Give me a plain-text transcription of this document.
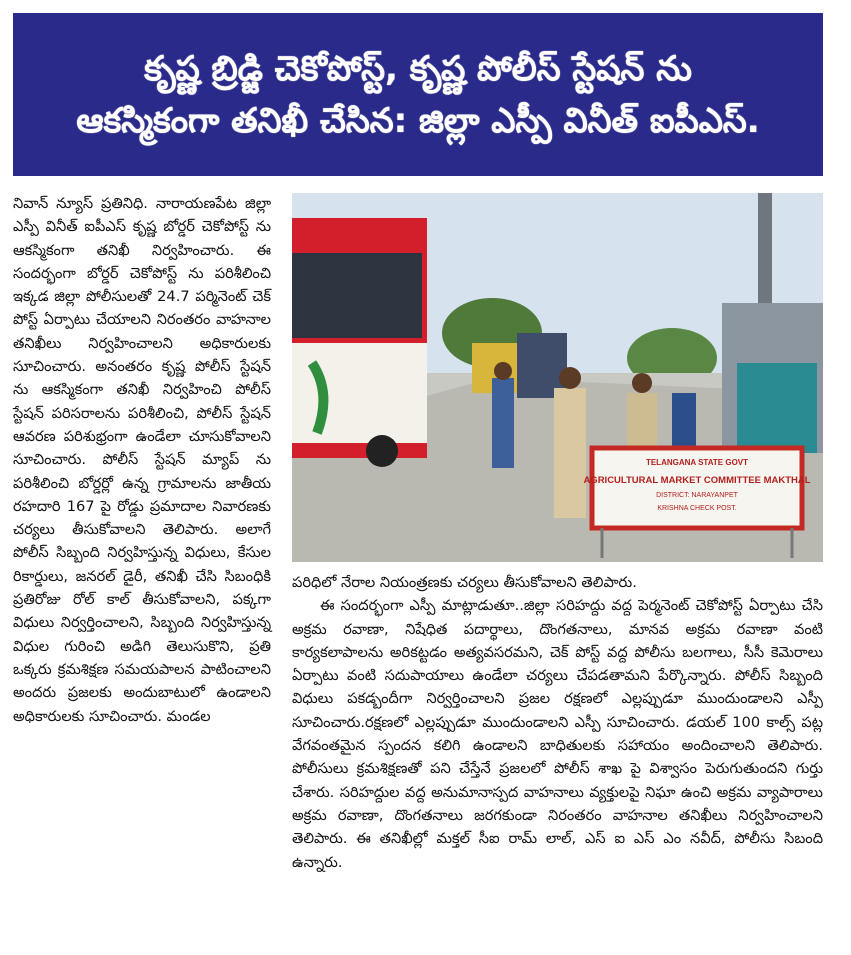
కృష్ణ బ్రిడ్జి చెకోపోస్ట్, కృష్ణ పోలీస్ స్టేషన్ ను
ఆకస్మికంగా తనిఖీ చేసిన: జిల్లా ఎస్పీ వినీత్ ఐపీఎస్.

నివాన్ న్యూస్ ప్రతినిధి. నారాయణపేట జిల్లా ఎస్పీ వినీత్ ఐపీఎస్ కృష్ణ బోర్డర్ చెకోపోస్ట్ ను ఆకస్మికంగా తనిఖీ నిర్వహించారు. ఈ సందర్భంగా బోర్డర్ చెకోపోస్ట్ ను పరిశీలించి ఇక్కడ జిల్లా పోలీసులతో 24.7 పర్మినెంట్ చెక్ పోస్ట్ ఏర్పాటు చేయాలని నిరంతరం వాహనాల తనిఖీలు నిర్వహించాలని అధికారులకు సూచించారు. అనంతరం కృష్ణ పోలీస్ స్టేషన్ ను ఆకస్మికంగా తనిఖీ నిర్వహించి పోలీస్ స్టేషన్ పరిసరాలను పరిశీలించి, పోలీస్ స్టేషన్ ఆవరణ పరిశుభ్రంగా ఉండేలా చూసుకోవాలని సూచించారు. పోలీస్ స్టేషన్ మ్యాప్ ను పరిశీలించి బోర్డర్లో ఉన్న గ్రామాలను జాతీయ రహదారి 167 పై రోడ్డు ప్రమాదాల నివారణకు చర్యలు తీసుకోవాలని తెలిపారు. అలాగే పోలీస్ సిబ్బంది నిర్వహిస్తున్న విధులు, కేసుల రికార్డులు, జనరల్ డైరీ, తనిఖీ చేసి సిబంధికి ప్రతిరోజు రోల్ కాల్ తీసుకోవాలని, పక్కగా విధులు నిర్వర్తించాలని, సిబ్బంది నిర్వహిస్తున్న విధుల గురించి అడిగి తెలుసుకొని, ప్రతి ఒక్కరు క్రమశిక్షణ సమయపాలన పాటించాలని అందరు ప్రజలకు అందుబాటులో ఉండాలని అధికారులకు సూచించారు. మండల

TELANGANA STATE GOVT
AGRICULTURAL MARKET COMMITTEE MAKTHAL
DISTRICT: NARAYANPET
KRISHNA CHECK POST.

పరిధిలో నేరాల నియంత్రణకు చర్యలు తీసుకోవాలని తెలిపారు.

ఈ సందర్భంగా ఎస్పీ మాట్లాడుతూ..జిల్లా సరిహద్దు వద్ద పెర్మనెంట్ చెకోపోస్ట్ ఏర్పాటు చేసి అక్రమ రవాణా, నిషేధిత పదార్థాలు, దొంగతనాలు, మానవ అక్రమ రవాణా వంటి కార్యకలాపాలను అరికట్టడం అత్యవసరమని, చెక్ పోస్ట్ వద్ద పోలీసు బలగాలు, సీసీ కెమెరాలు ఏర్పాటు వంటి సదుపాయాలు ఉండేలా చర్యలు చేపడతామని పేర్కొన్నారు. పోలీస్ సిబ్బంది విధులు పకడ్బందీగా నిర్వర్తించాలని ప్రజల రక్షణలో ఎల్లప్పుడూ ముందుండాలని ఎస్పీ సూచించారు.రక్షణలో ఎల్లప్పుడూ ముందుండాలని ఎస్పీ సూచించారు. డయల్ 100 కాల్స్ పట్ల వేగవంతమైన స్పందన కలిగి ఉండాలని బాధితులకు సహాయం అందించాలని తెలిపారు. పోలీసులు క్రమశిక్షణతో పని చేస్తేనే ప్రజలలో పోలీస్ శాఖ పై విశ్వాసం పెరుగుతుందని గుర్తు చేశారు. సరిహద్దుల వద్ద అనుమానాస్పద వాహనాలు వ్యక్తులపై నిఘా ఉంచి అక్రమ వ్యాపారాలు అక్రమ రవాణా, దొంగతనాలు జరగకుండా నిరంతరం వాహనాల తనిఖీలు నిర్వహించాలని తెలిపారు. ఈ తనిఖీల్లో మక్తల్ సీఐ రామ్ లాల్, ఎస్ ఐ ఎస్ ఎం నవీద్, పోలీసు సిబంది ఉన్నారు.
